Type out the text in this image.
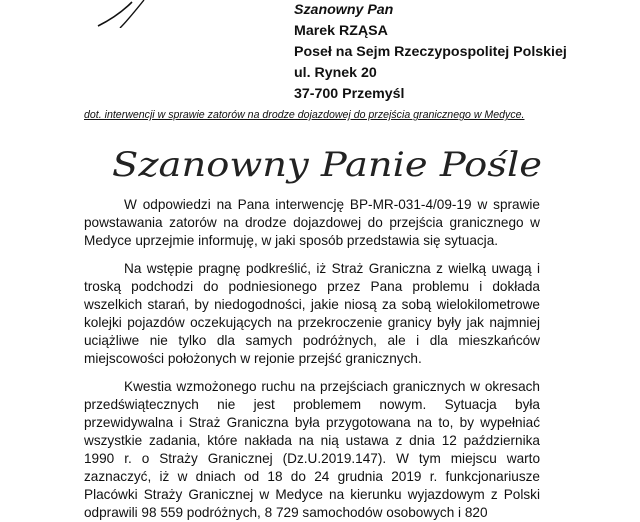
Szanowny Pan
Marek RZĄSA
Poseł na Sejm Rzeczypospolitej Polskiej
ul. Rynek 20
37-700 Przemyśl
dot. interwencji w sprawie zatorów na drodze dojazdowej do przejścia granicznego w Medyce.
Szanowny Panie Pośle

W odpowiedzi na Pana interwencję BP-MR-031-4/09-19 w sprawie powstawania zatorów na drodze dojazdowej do przejścia granicznego w Medyce uprzejmie informuję, w jaki sposób przedstawia się sytuacja.

Na wstępie pragnę podkreślić, iż Straż Graniczna z wielką uwagą i troską podchodzi do podniesionego przez Pana problemu i dokłada wszelkich starań, by niedogodności, jakie niosą za sobą wielokilometrowe kolejki pojazdów oczekujących na przekroczenie granicy były jak najmniej uciążliwe nie tylko dla samych podróżnych, ale i dla mieszkańców miejscowości położonych w rejonie przejść granicznych.

Kwestia wzmożonego ruchu na przejściach granicznych w okresach przedświątecznych nie jest problemem nowym. Sytuacja była przewidywalna i Straż Graniczna była przygotowana na to, by wypełniać wszystkie zadania, które nakłada na nią ustawa z dnia 12 października 1990 r. o Straży Granicznej (Dz.U.2019.147). W tym miejscu warto zaznaczyć, iż w dniach od 18 do 24 grudnia 2019 r. funkcjonariusze Placówki Straży Granicznej w Medyce na kierunku wyjazdowym z Polski odprawili 98 559 podróżnych, 8 729 samochodów osobowych i 820
